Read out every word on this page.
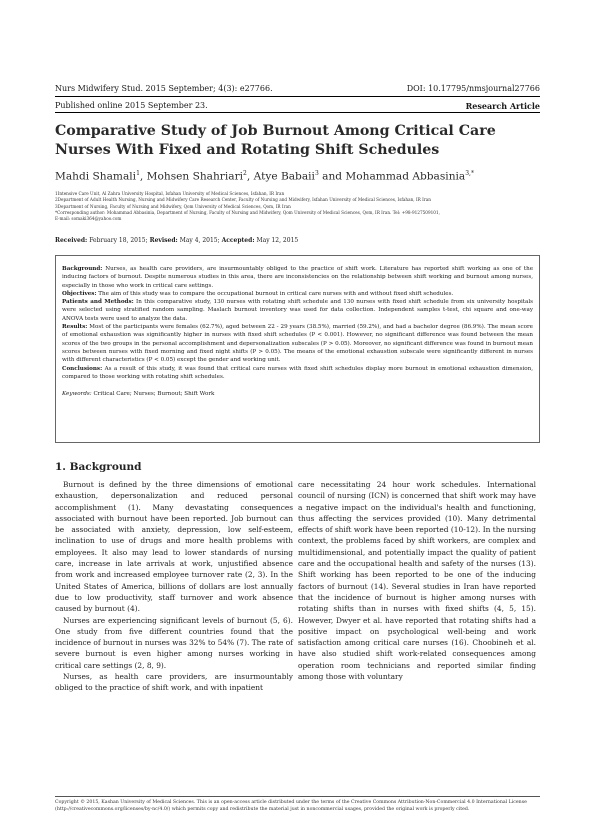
Nurs Midwifery Stud. 2015 September; 4(3): e27766.	DOI: 10.17795/nmsjournal27766
Published online 2015 September 23.	Research Article
Comparative Study of Job Burnout Among Critical Care Nurses With Fixed and Rotating Shift Schedules
Mahdi Shamali$^1$, Mohsen Shahriari$^2$, Atye Babaii$^3$ and Mohammad Abbasinia$^{3,*}$

1Intensive Care Unit, Al Zahra University Hospital, Isfahan University of Medical Sciences, Isfahan, IR Iran

2Department of Adult Health Nursing, Nursing and Midwifery Care Research Center, Faculty of Nursing and Midwifery, Isfahan University of Medical Sciences, Isfahan, IR Iran

3Department of Nursing, Faculty of Nursing and Midwifery, Qom University of Medical Sciences, Qom, IR Iran

*Corresponding author: Mohammad Abbasinia, Department of Nursing, Faculty of Nursing and Midwifery, Qom University of Medical Sciences, Qom, IR Iran. Tel: +98-9127509101,

E-mail: somaki364@yahoo.com

Received: February 18, 2015; Revised: May 4, 2015; Accepted: May 12, 2015

Background: Nurses, as health care providers, are insurmountably obliged to the practice of shift work. Literature has reported shift working as one of the inducing factors of burnout. Despite numerous studies in this area, there are inconsistencies on the relationship between shift working and burnout among nurses, especially in those who work in critical care settings.

Objectives: The aim of this study was to compare the occupational burnout in critical care nurses with and without fixed shift schedules.

Patients and Methods: In this comparative study, 130 nurses with rotating shift schedule and 130 nurses with fixed shift schedule from six university hospitals were selected using stratified random sampling. Maslach burnout inventory was used for data collection. Independent samples t-test, chi square and one-way ANOVA tests were used to analyze the data.

Results: Most of the participants were females (62.7%), aged between 22 - 29 years (38.5%), married (59.2%), and had a bachelor degree (86.9%). The mean score of emotional exhaustion was significantly higher in nurses with fixed shift schedules (P < 0.001). However, no significant difference was found between the mean scores of the two groups in the personal accomplishment and depersonalization subscales (P > 0.05). Moreover, no significant difference was found in burnout mean scores between nurses with fixed morning and fixed night shifts (P > 0.05). The means of the emotional exhaustion subscale were significantly different in nurses with different characteristics (P < 0.05) except the gender and working unit.

Conclusions: As a result of this study, it was found that critical care nurses with fixed shift schedules display more burnout in emotional exhaustion dimension, compared to those working with rotating shift schedules.

Keywords: Critical Care; Nurses; Burnout; Shift Work

1. Background

Burnout is defined by the three dimensions of emotional exhaustion, depersonalization and reduced personal accomplishment (1). Many devastating consequences associated with burnout have been reported. Job burnout can be associated with anxiety, depression, low self-esteem, inclination to use of drugs and more health problems with employees. It also may lead to lower standards of nursing care, increase in late arrivals at work, unjustified absence from work and increased employee turnover rate (2, 3). In the United States of America, billions of dollars are lost annually due to low productivity, staff turnover and work absence caused by burnout (4).

Nurses are experiencing significant levels of burnout (5, 6). One study from five different countries found that the incidence of burnout in nurses was 32% to 54% (7). The rate of severe burnout is even higher among nurses working in critical care settings (2, 8, 9).

Nurses, as health care providers, are insurmountably obliged to the practice of shift work, and with inpatient

care necessitating 24 hour work schedules. International council of nursing (ICN) is concerned that shift work may have a negative impact on the individual's health and functioning, thus affecting the services provided (10). Many detrimental effects of shift work have been reported (10-12). In the nursing context, the problems faced by shift workers, are complex and multidimensional, and potentially impact the quality of patient care and the occupational health and safety of the nurses (13). Shift working has been reported to be one of the inducing factors of burnout (14). Several studies in Iran have reported that the incidence of burnout is higher among nurses with rotating shifts than in nurses with fixed shifts (4, 5, 15). However, Dwyer et al. have reported that rotating shifts had a positive impact on psychological well-being and work satisfaction among critical care nurses (16). Choobineh et al. have also studied shift work-related consequences among operation room technicians and reported similar finding among those with voluntary

Copyright © 2015, Kashan University of Medical Sciences. This is an open-access article distributed under the terms of the Creative Commons Attribution-Non-Commercial 4.0 International License (http://creativecommons.org/licenses/by-nc/4.0/) which permits copy and redistribute the material just in noncommercial usages, provided the original work is properly cited.
